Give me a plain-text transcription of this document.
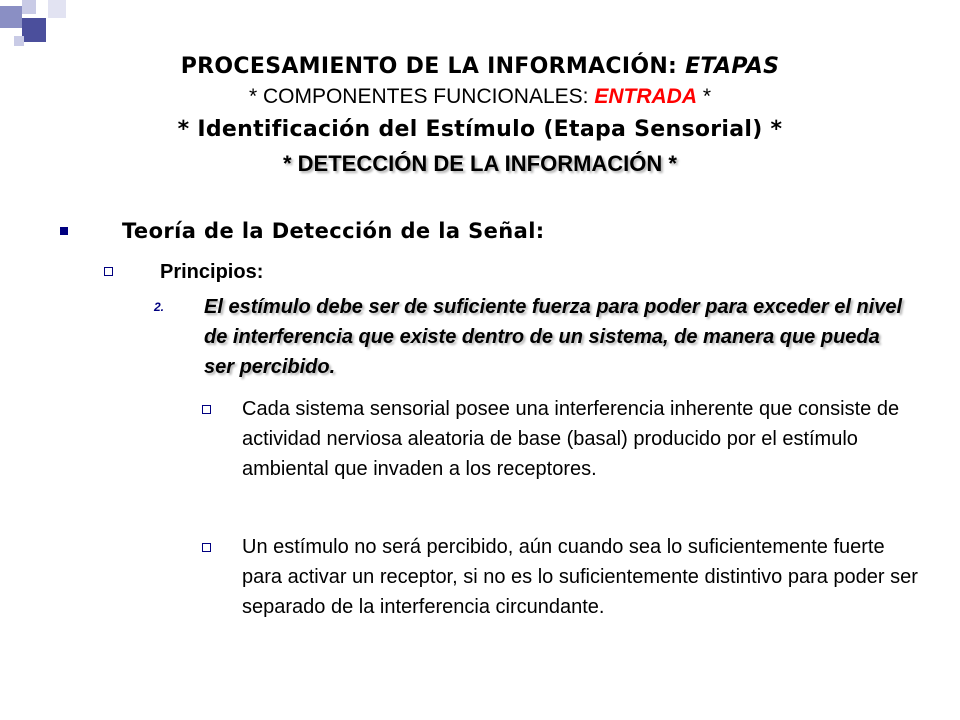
PROCESAMIENTO DE LA INFORMACIÓN: ETAPAS
* COMPONENTES FUNCIONALES: ENTRADA *
* Identificación del Estímulo (Etapa Sensorial) *
* DETECCIÓN DE LA INFORMACIÓN *
Teoría de la Detección de la Señal:
Principios:
2. El estímulo debe ser de suficiente fuerza para poder para exceder el nivel de interferencia que existe dentro de un sistema, de manera que pueda ser percibido.
Cada sistema sensorial posee una interferencia inherente que consiste de actividad nerviosa aleatoria de base (basal) producido por el estímulo ambiental que invaden a los receptores.
Un estímulo no será percibido, aún cuando sea lo suficientemente fuerte para activar un receptor, si no es lo suficientemente distintivo para poder ser separado de la interferencia circundante.
